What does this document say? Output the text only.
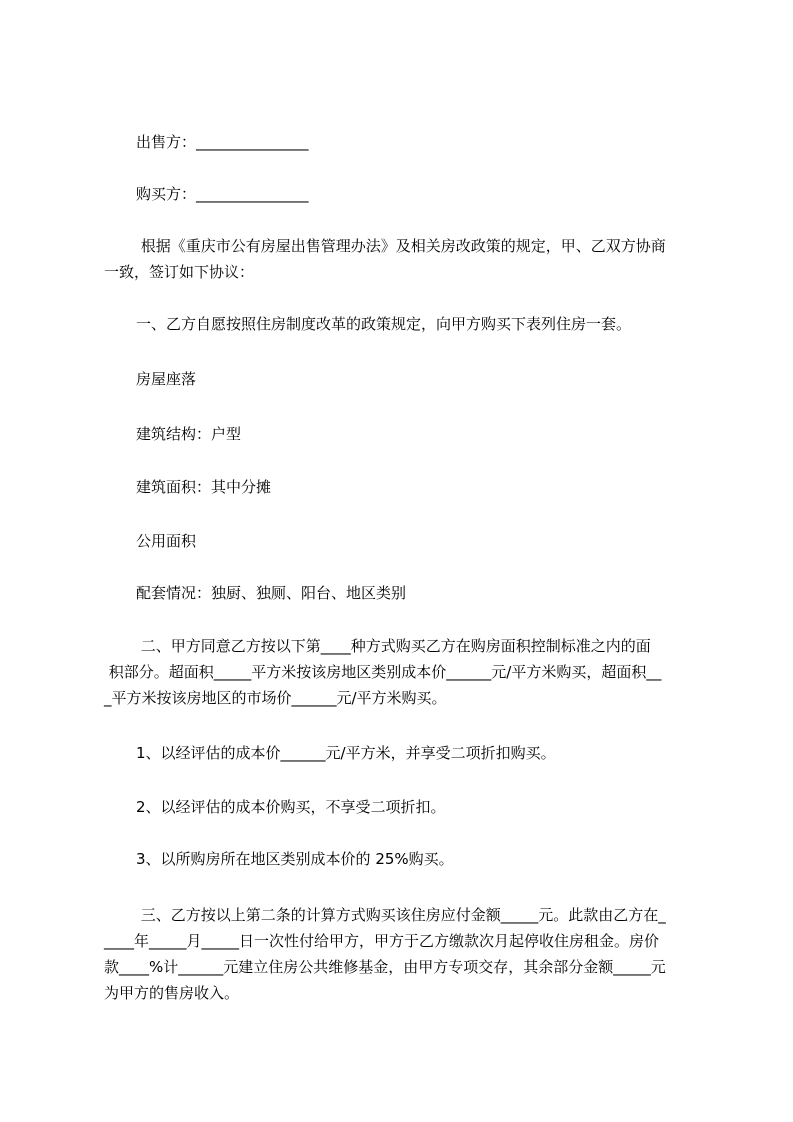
出售方：_______________
购买方：_______________
根据《重庆市公有房屋出售管理办法》及相关房改政策的规定，甲、乙双方协商
一致，签订如下协议：
一、乙方自愿按照住房制度改革的政策规定，向甲方购买下表列住房一套。
房屋座落
建筑结构：户型
建筑面积：其中分摊
公用面积
配套情况：独厨、独厕、阳台、地区类别
二、甲方同意乙方按以下第____种方式购买乙方在购房面积控制标准之内的面
积部分。超面积_____平方米按该房地区类别成本价______元/平方米购买，超面积__
_平方米按该房地区的市场价______元/平方米购买。
1、以经评估的成本价______元/平方米，并享受二项折扣购买。
2、以经评估的成本价购买，不享受二项折扣。
3、以所购房所在地区类别成本价的 25%购买。
三、乙方按以上第二条的计算方式购买该住房应付金额_____元。此款由乙方在_
____年_____月_____日一次性付给甲方，甲方于乙方缴款次月起停收住房租金。房价
款____%计______元建立住房公共维修基金，由甲方专项交存，其余部分金额_____元
为甲方的售房收入。
